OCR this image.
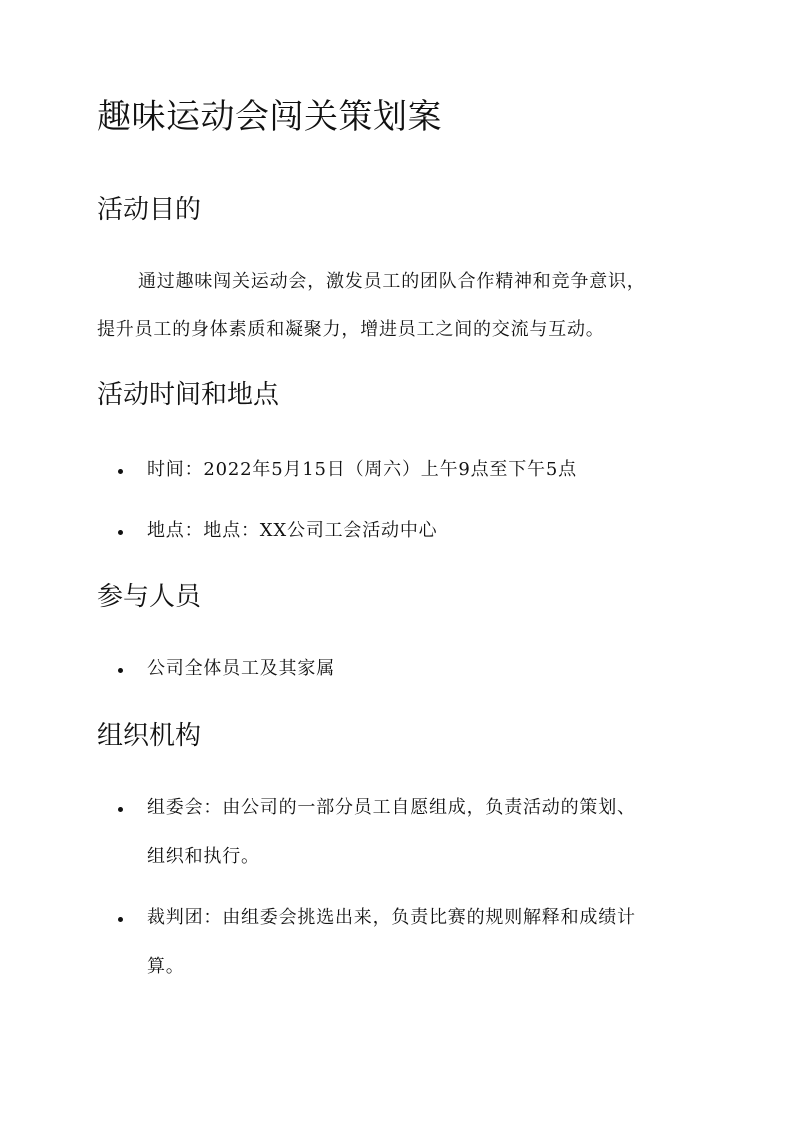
趣味运动会闯关策划案
活动目的
通过趣味闯关运动会，激发员工的团队合作精神和竞争意识，
提升员工的身体素质和凝聚力，增进员工之间的交流与互动。
活动时间和地点
时间：2022年5月15日（周六）上午9点至下午5点
地点：地点：XX公司工会活动中心
参与人员
公司全体员工及其家属
组织机构
组委会：由公司的一部分员工自愿组成，负责活动的策划、
组织和执行。
裁判团：由组委会挑选出来，负责比赛的规则解释和成绩计
算。
